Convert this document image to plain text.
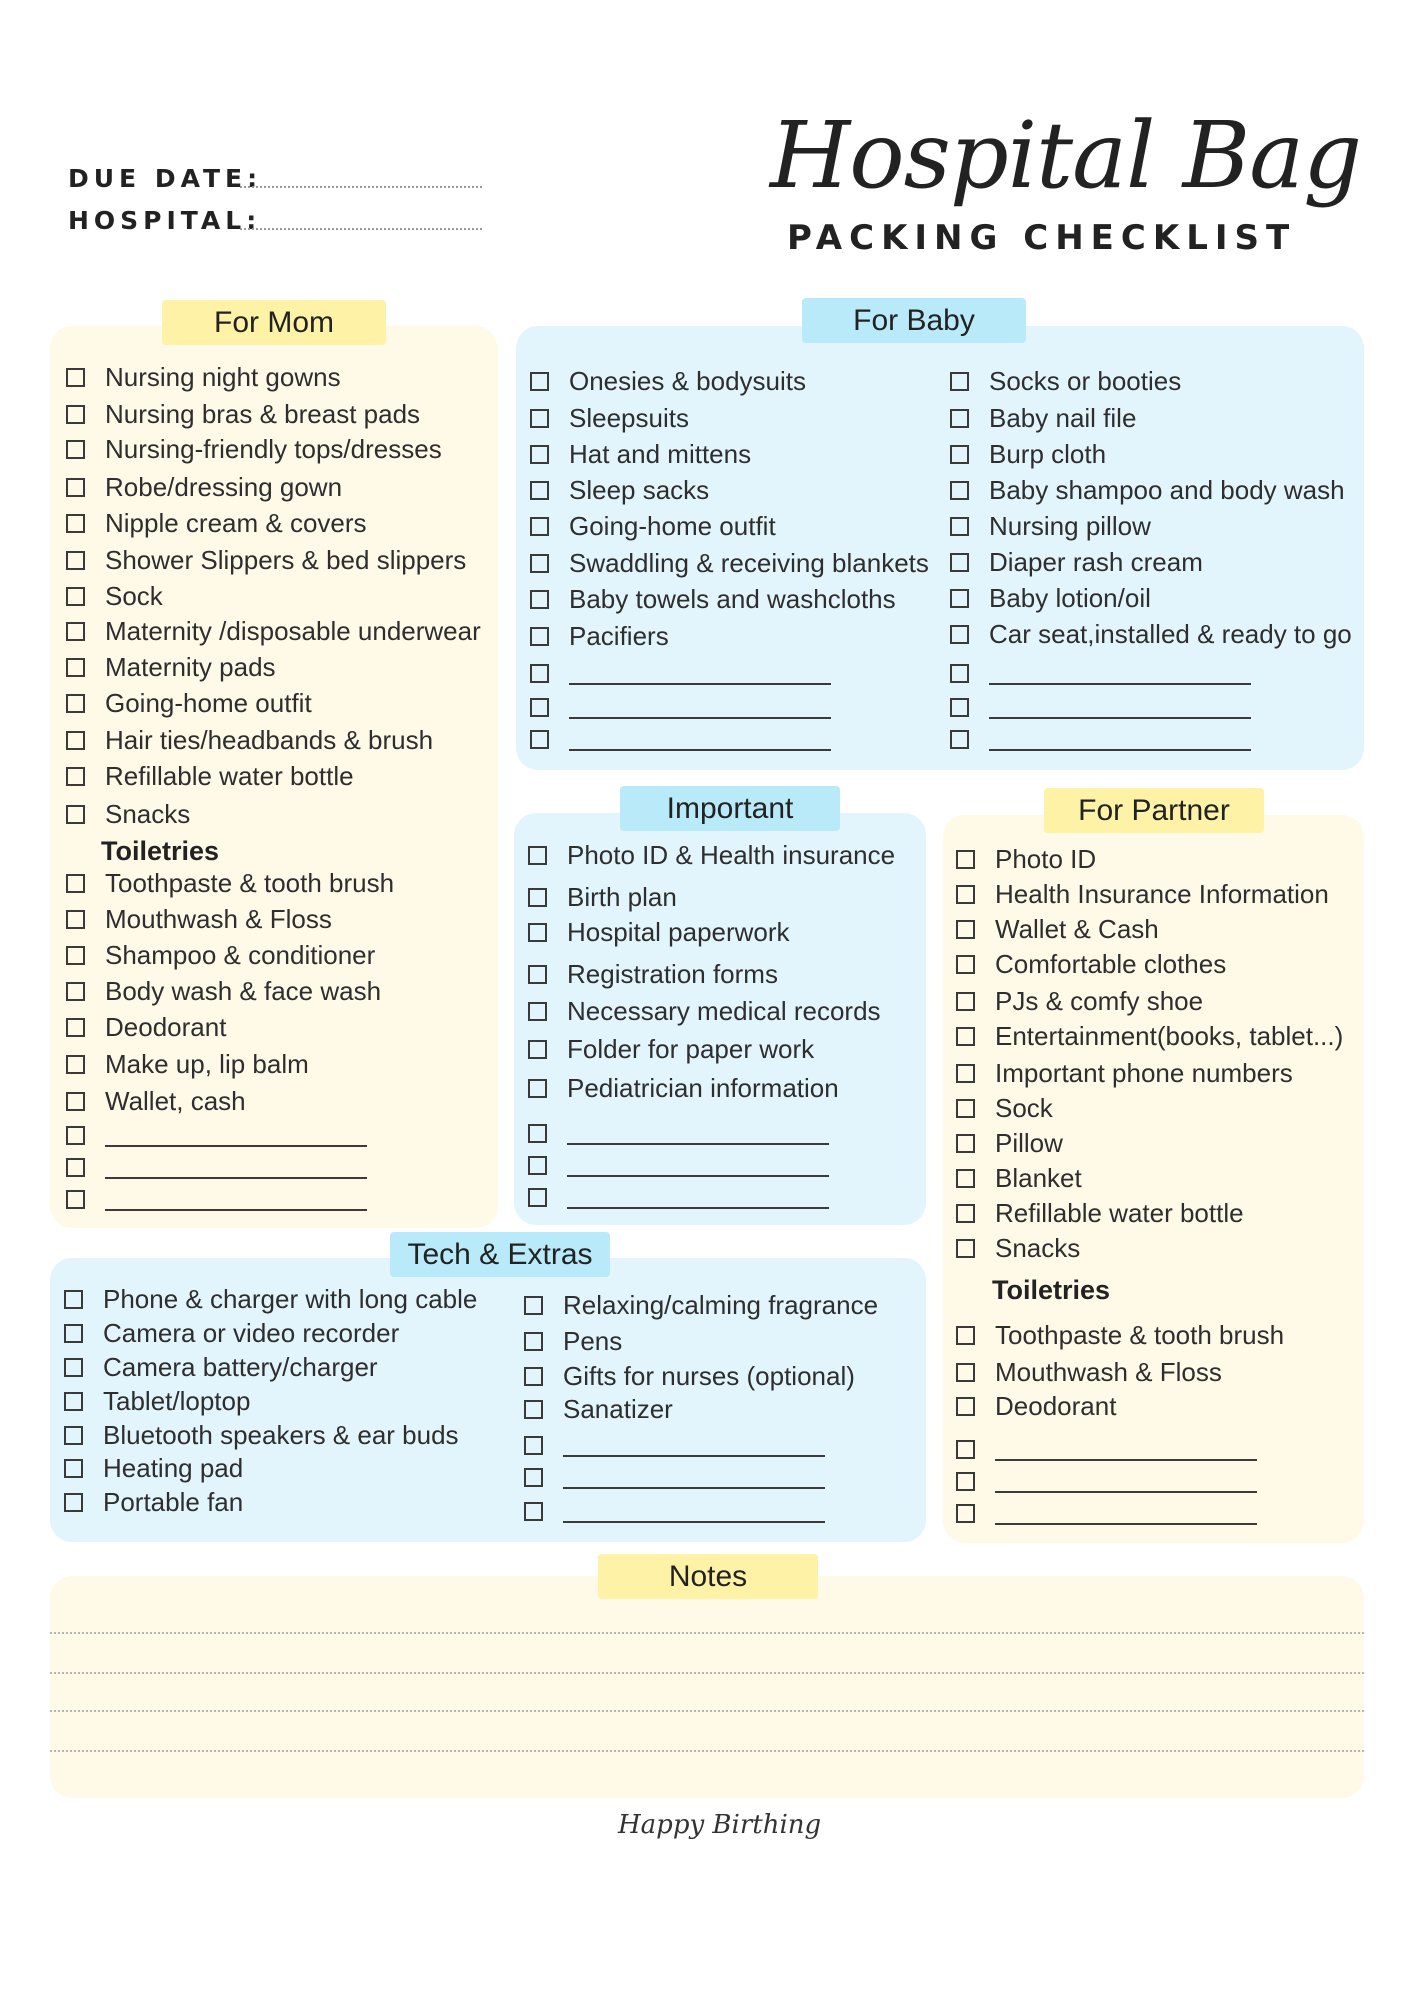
DUE DATE:
HOSPITAL:
Hospital Bag
PACKING CHECKLIST
For Mom
Nursing night gowns
Nursing bras & breast pads
Nursing-friendly tops/dresses
Robe/dressing gown
Nipple cream & covers
Shower Slippers & bed slippers
Sock
Maternity /disposable underwear
Maternity pads
Going-home outfit
Hair ties/headbands & brush
Refillable water bottle
Snacks
Toiletries
Toothpaste & tooth brush
Mouthwash & Floss
Shampoo & conditioner
Body wash & face wash
Deodorant
Make up, lip balm
Wallet, cash
For Baby
Onesies & bodysuits
Sleepsuits
Hat and mittens
Sleep sacks
Going-home outfit
Swaddling & receiving blankets
Baby towels and washcloths
Pacifiers
Socks or booties
Baby nail file
Burp cloth
Baby shampoo and body wash
Nursing pillow
Diaper rash cream
Baby lotion/oil
Car seat,installed & ready to go
Important
Photo ID & Health insurance
Birth plan
Hospital paperwork
Registration forms
Necessary medical records
Folder for paper work
Pediatrician information
For Partner
Photo ID
Health Insurance Information
Wallet & Cash
Comfortable clothes
PJs & comfy shoe
Entertainment(books, tablet...)
Important phone numbers
Sock
Pillow
Blanket
Refillable water bottle
Snacks
Toiletries
Toothpaste & tooth brush
Mouthwash & Floss
Deodorant
Tech & Extras
Phone & charger with long cable
Camera or video recorder
Camera battery/charger
Tablet/loptop
Bluetooth speakers & ear buds
Heating pad
Portable fan
Relaxing/calming fragrance
Pens
Gifts for nurses (optional)
Sanatizer
Notes
Happy Birthing
